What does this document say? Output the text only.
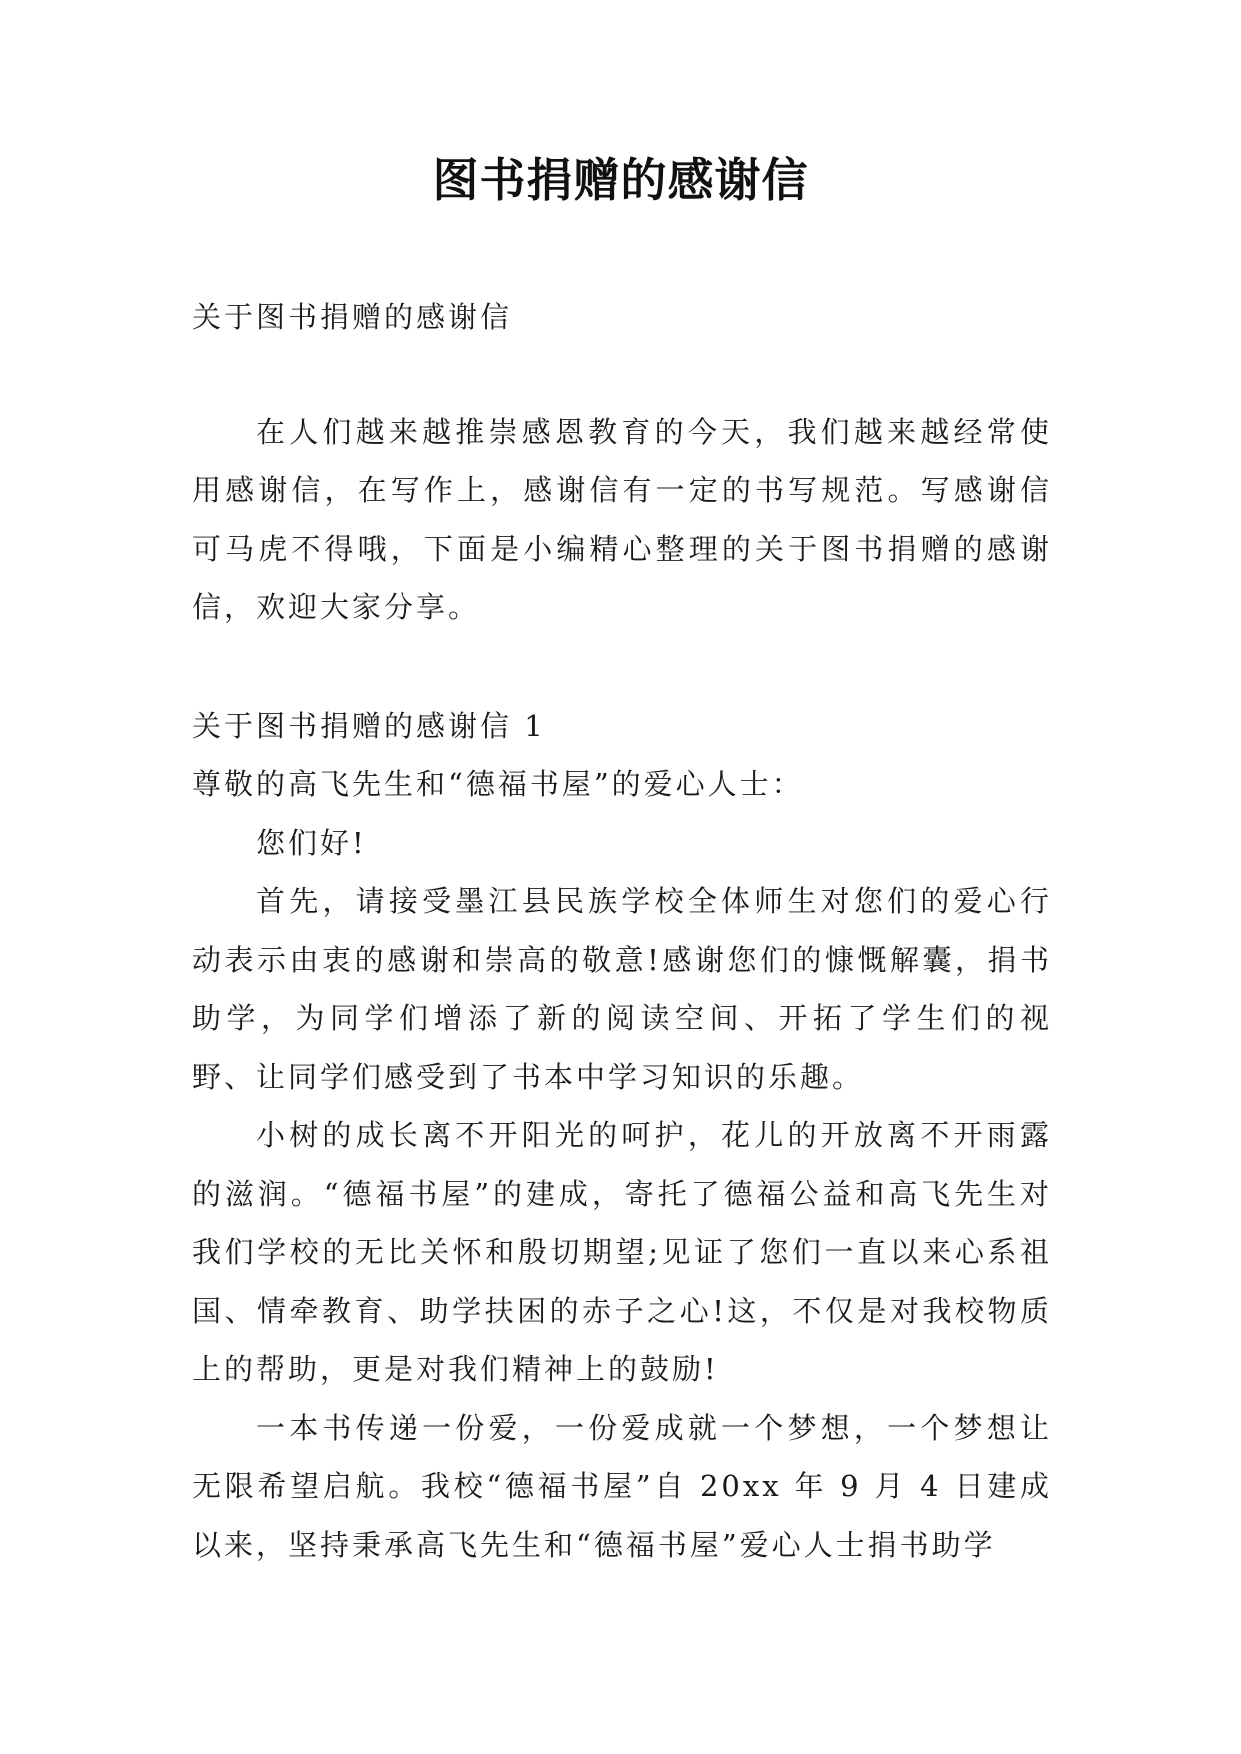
图书捐赠的感谢信

关于图书捐赠的感谢信

在人们越来越推崇感恩教育的今天，我们越来越经常使用感谢信，在写作上，感谢信有一定的书写规范。写感谢信可马虎不得哦，下面是小编精心整理的关于图书捐赠的感谢信，欢迎大家分享。

关于图书捐赠的感谢信 1

尊敬的高飞先生和“德福书屋”的爱心人士：

您们好!

首先，请接受墨江县民族学校全体师生对您们的爱心行动表示由衷的感谢和崇高的敬意!感谢您们的慷慨解囊，捐书助学，为同学们增添了新的阅读空间、开拓了学生们的视野、让同学们感受到了书本中学习知识的乐趣。

小树的成长离不开阳光的呵护，花儿的开放离不开雨露的滋润。“德福书屋”的建成，寄托了德福公益和高飞先生对我们学校的无比关怀和殷切期望;见证了您们一直以来心系祖国、情牵教育、助学扶困的赤子之心!这，不仅是对我校物质上的帮助，更是对我们精神上的鼓励!

一本书传递一份爱，一份爱成就一个梦想，一个梦想让无限希望启航。我校“德福书屋”自 20xx 年 9 月 4 日建成以来，坚持秉承高飞先生和“德福书屋”爱心人士捐书助学
